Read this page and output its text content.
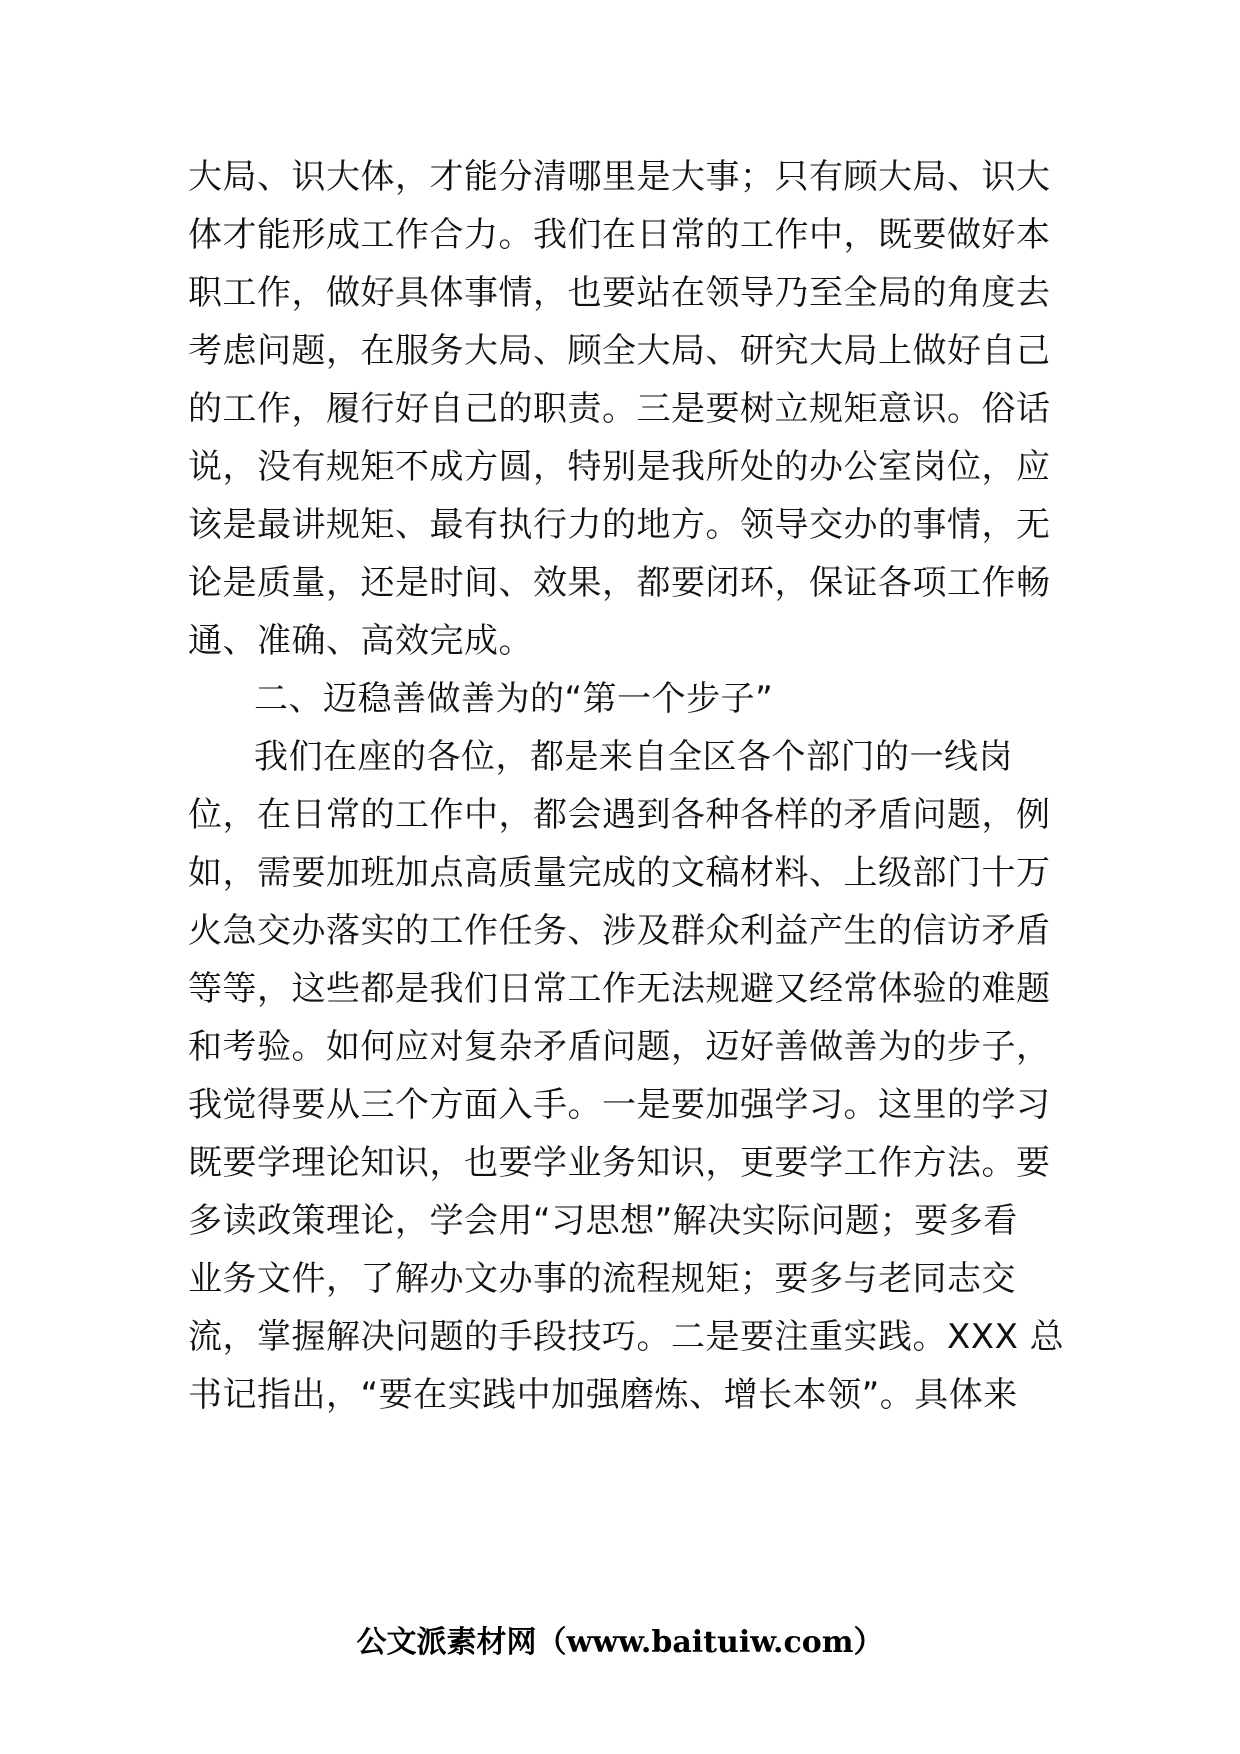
大局、识大体，才能分清哪里是大事；只有顾大局、识大
体才能形成工作合力。我们在日常的工作中，既要做好本
职工作，做好具体事情，也要站在领导乃至全局的角度去
考虑问题，在服务大局、顾全大局、研究大局上做好自己
的工作，履行好自己的职责。三是要树立规矩意识。俗话
说，没有规矩不成方圆，特别是我所处的办公室岗位，应
该是最讲规矩、最有执行力的地方。领导交办的事情，无
论是质量，还是时间、效果，都要闭环，保证各项工作畅
通、准确、高效完成。
二、迈稳善做善为的“第一个步子”
我们在座的各位，都是来自全区各个部门的一线岗
位，在日常的工作中，都会遇到各种各样的矛盾问题，例
如，需要加班加点高质量完成的文稿材料、上级部门十万
火急交办落实的工作任务、涉及群众利益产生的信访矛盾
等等，这些都是我们日常工作无法规避又经常体验的难题
和考验。如何应对复杂矛盾问题，迈好善做善为的步子，
我觉得要从三个方面入手。一是要加强学习。这里的学习
既要学理论知识，也要学业务知识，更要学工作方法。要
多读政策理论，学会用“习思想”解决实际问题；要多看
业务文件，了解办文办事的流程规矩；要多与老同志交
流，掌握解决问题的手段技巧。二是要注重实践。XXX 总
书记指出，“要在实践中加强磨炼、增长本领”。具体来
公文派素材网（www.baituiw.com）
